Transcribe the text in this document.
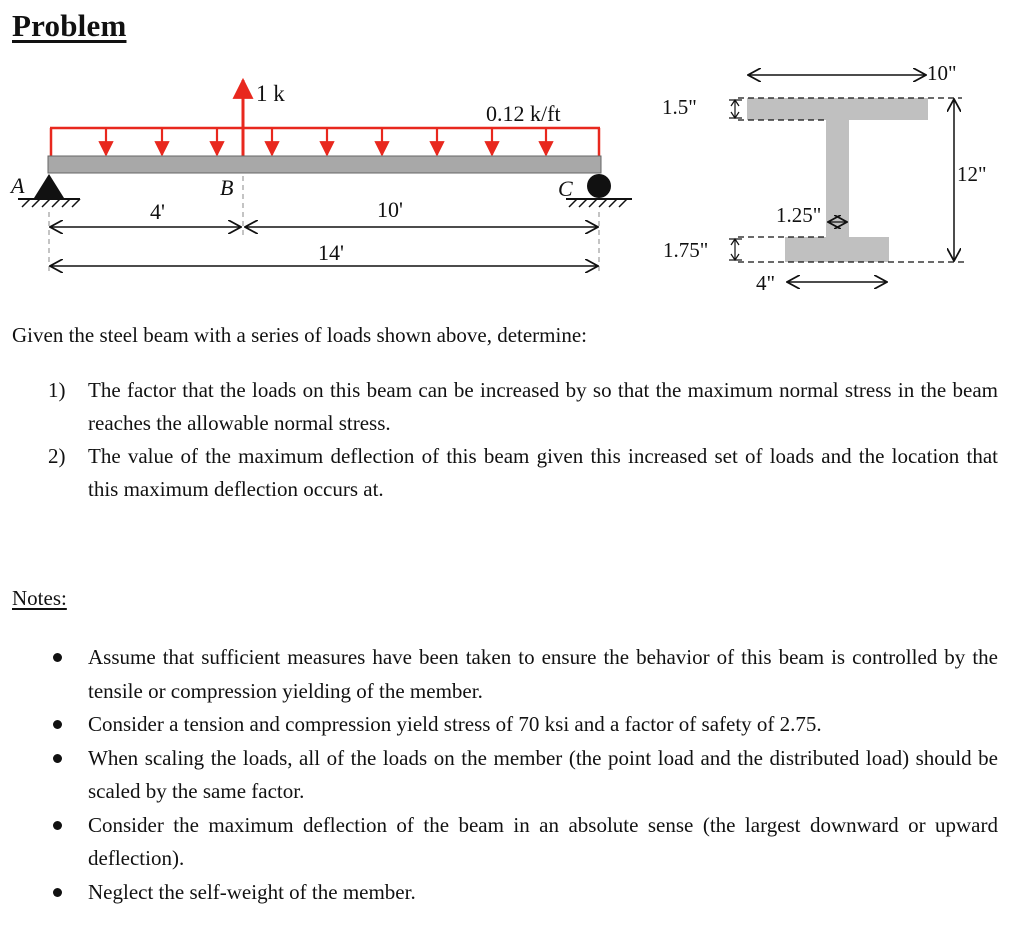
Problem
1 k
0.12 k/ft
A	B	C
4'	10'
14'
10"
1.5"
12"
1.25"
1.75"
4"
Given the steel beam with a series of loads shown above, determine:
1)	The factor that the loads on this beam can be increased by so that the maximum normal stress in the beam reaches the allowable normal stress.
2)	The value of the maximum deflection of this beam given this increased set of loads and the location that this maximum deflection occurs at.
Notes:
Assume that sufficient measures have been taken to ensure the behavior of this beam is controlled by the tensile or compression yielding of the member.
Consider a tension and compression yield stress of 70 ksi and a factor of safety of 2.75.
When scaling the loads, all of the loads on the member (the point load and the distributed load) should be scaled by the same factor.
Consider the maximum deflection of the beam in an absolute sense (the largest downward or upward deflection).
Neglect the self-weight of the member.
